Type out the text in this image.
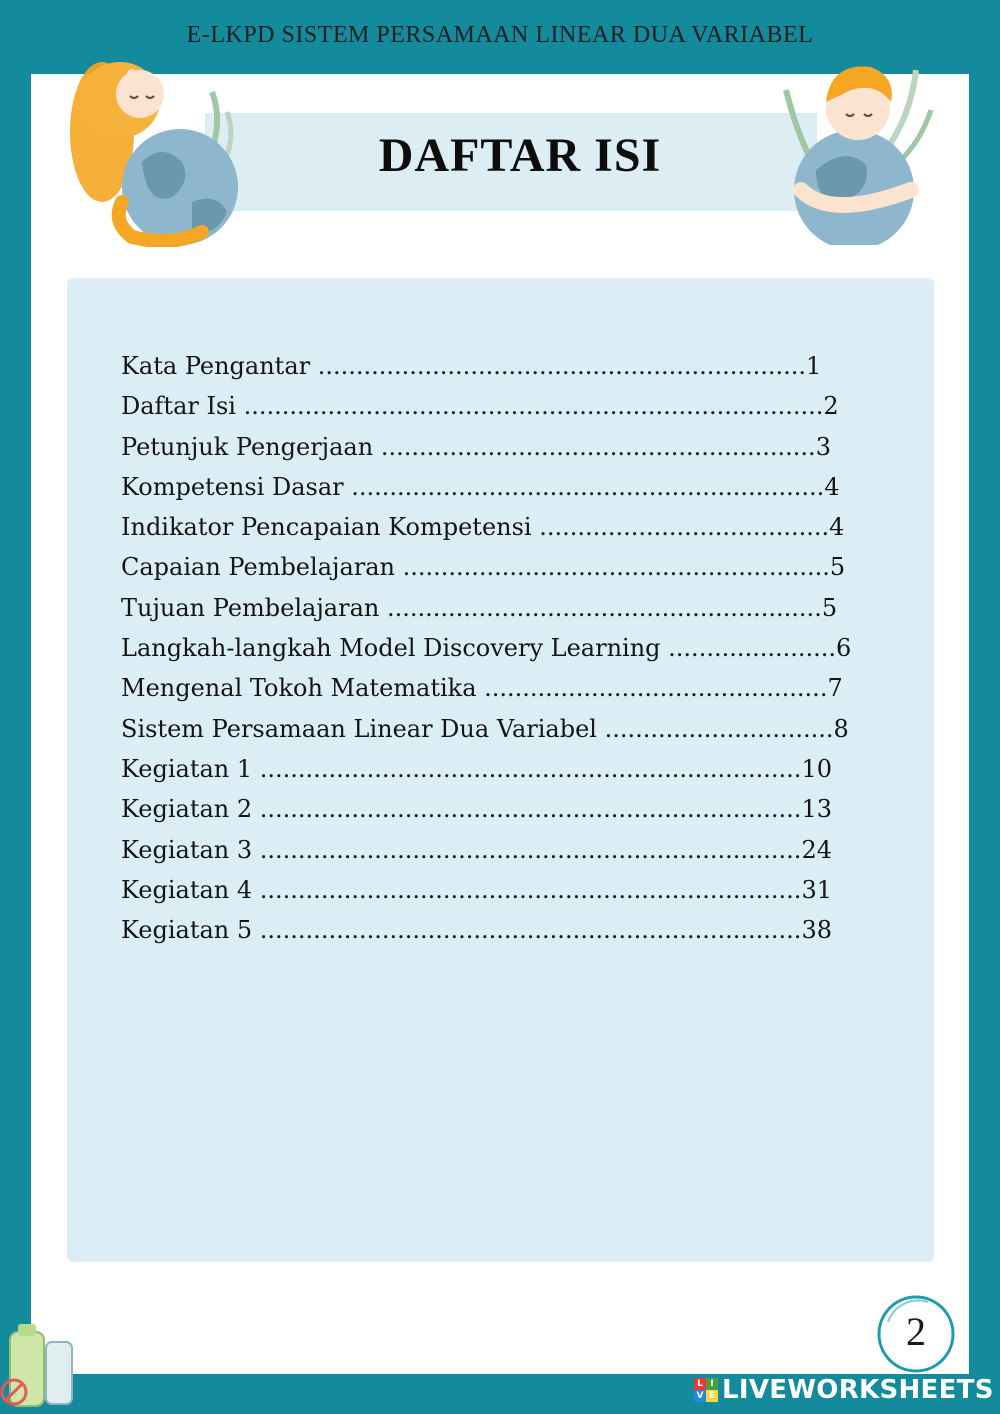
E-LKPD SISTEM PERSAMAAN LINEAR DUA VARIABEL
DAFTAR ISI
Kata Pengantar ................................................................1
Daftar Isi ............................................................................2
Petunjuk Pengerjaan .........................................................3
Kompetensi Dasar ..............................................................4
Indikator Pencapaian Kompetensi ......................................4
Capaian Pembelajaran ........................................................5
Tujuan Pembelajaran .........................................................5
Langkah-langkah Model Discovery Learning ......................6
Mengenal Tokoh Matematika .............................................7
Sistem Persamaan Linear Dua Variabel ..............................8
Kegiatan 1 .......................................................................10
Kegiatan 2 .......................................................................13
Kegiatan 3 .......................................................................24
Kegiatan 4 .......................................................................31
Kegiatan 5 .......................................................................38
2
L I
V E LIVEWORKSHEETS
